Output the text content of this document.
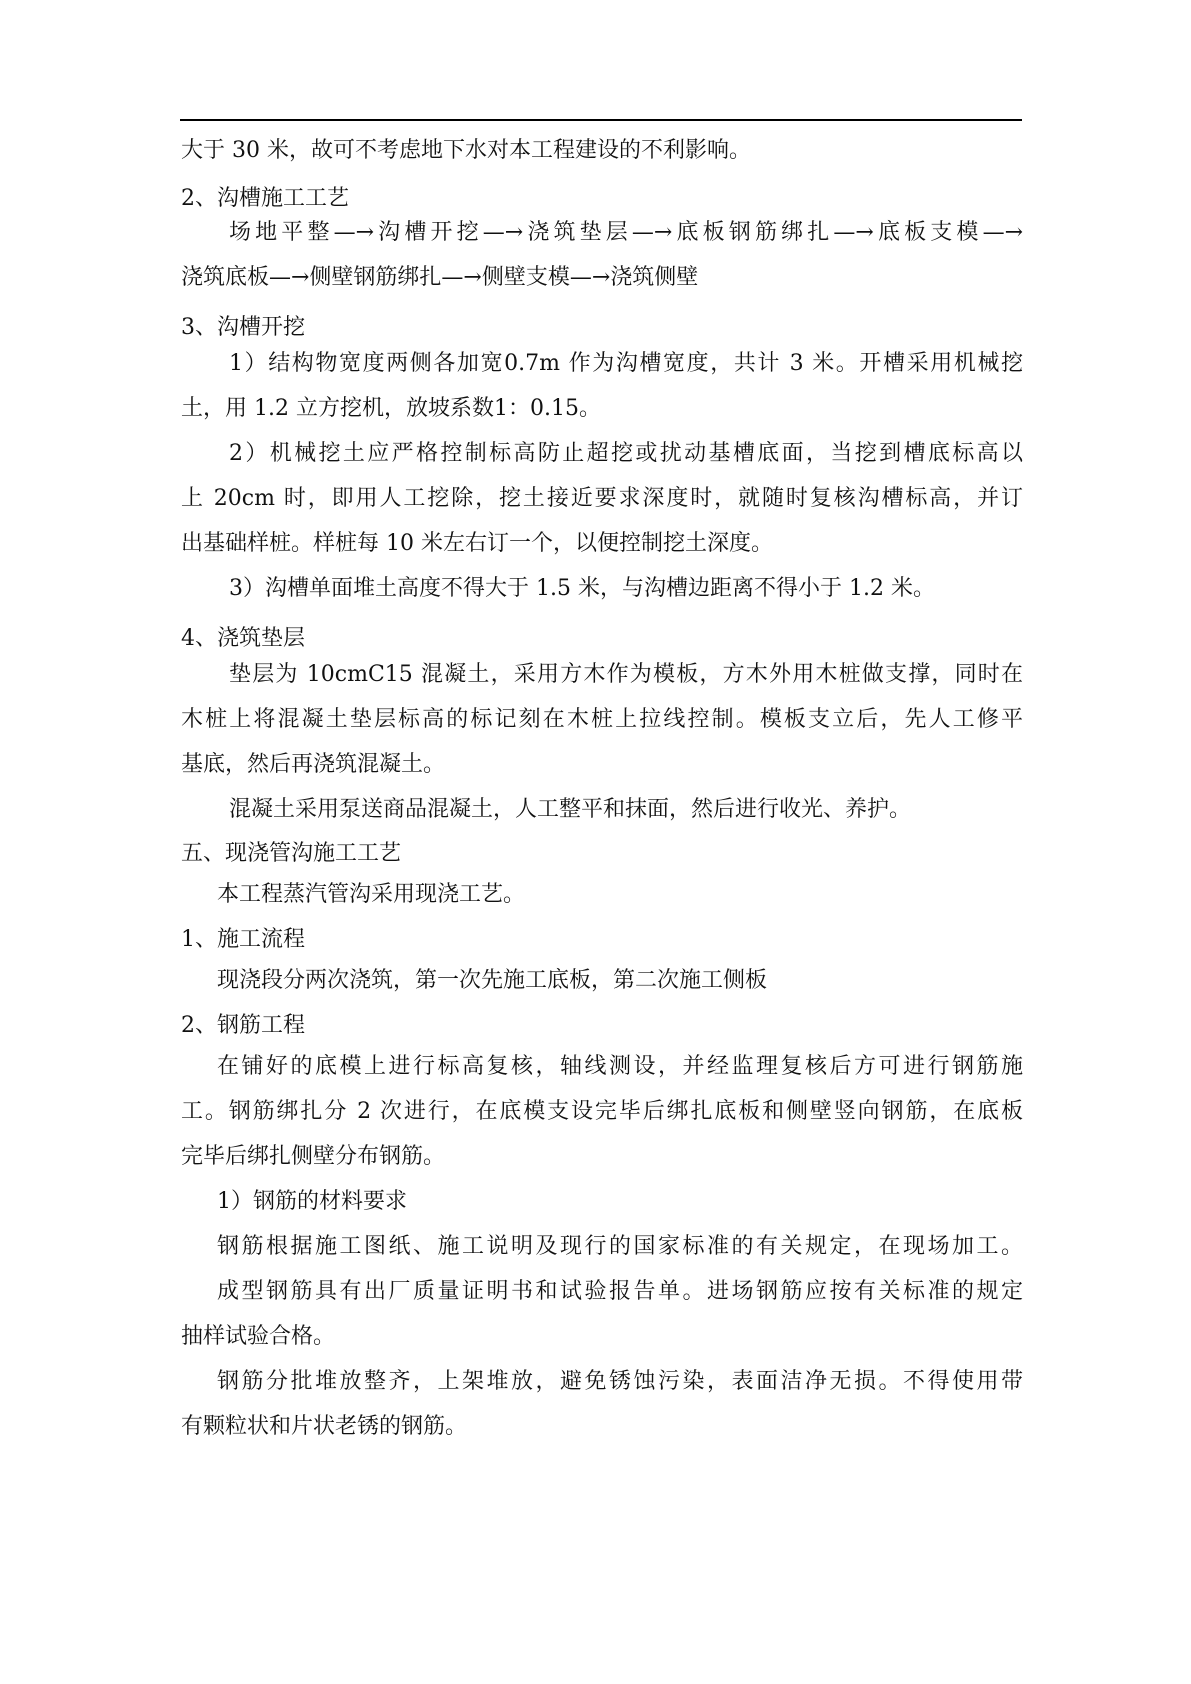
大于 30 米，故可不考虑地下水对本工程建设的不利影响。

2、沟槽施工工艺

场地平整—→沟槽开挖—→浇筑垫层—→底板钢筋绑扎—→底板支模—→

浇筑底板—→侧壁钢筋绑扎—→侧壁支模—→浇筑侧壁

3、沟槽开挖

1）结构物宽度两侧各加宽0.7m 作为沟槽宽度，共计 3 米。开槽采用机械挖

土，用 1.2 立方挖机，放坡系数1：0.15。

2）机械挖土应严格控制标高防止超挖或扰动基槽底面，当挖到槽底标高以

上 20cm 时，即用人工挖除，挖土接近要求深度时，就随时复核沟槽标高，并订

出基础样桩。样桩每 10 米左右订一个，以便控制挖土深度。

3）沟槽单面堆土高度不得大于 1.5 米，与沟槽边距离不得小于 1.2 米。

4、浇筑垫层

垫层为 10cmC15 混凝土，采用方木作为模板，方木外用木桩做支撑，同时在

木桩上将混凝土垫层标高的标记刻在木桩上拉线控制。模板支立后，先人工修平

基底，然后再浇筑混凝土。

混凝土采用泵送商品混凝土，人工整平和抹面，然后进行收光、养护。

五、现浇管沟施工工艺

本工程蒸汽管沟采用现浇工艺。

1、施工流程

现浇段分两次浇筑，第一次先施工底板，第二次施工侧板

2、钢筋工程

在铺好的底模上进行标高复核，轴线测设，并经监理复核后方可进行钢筋施

工。钢筋绑扎分 2 次进行，在底模支设完毕后绑扎底板和侧壁竖向钢筋，在底板

完毕后绑扎侧壁分布钢筋。

1）钢筋的材料要求

钢筋根据施工图纸、施工说明及现行的国家标准的有关规定，在现场加工。

成型钢筋具有出厂质量证明书和试验报告单。进场钢筋应按有关标准的规定

抽样试验合格。

钢筋分批堆放整齐，上架堆放，避免锈蚀污染，表面洁净无损。不得使用带

有颗粒状和片状老锈的钢筋。
